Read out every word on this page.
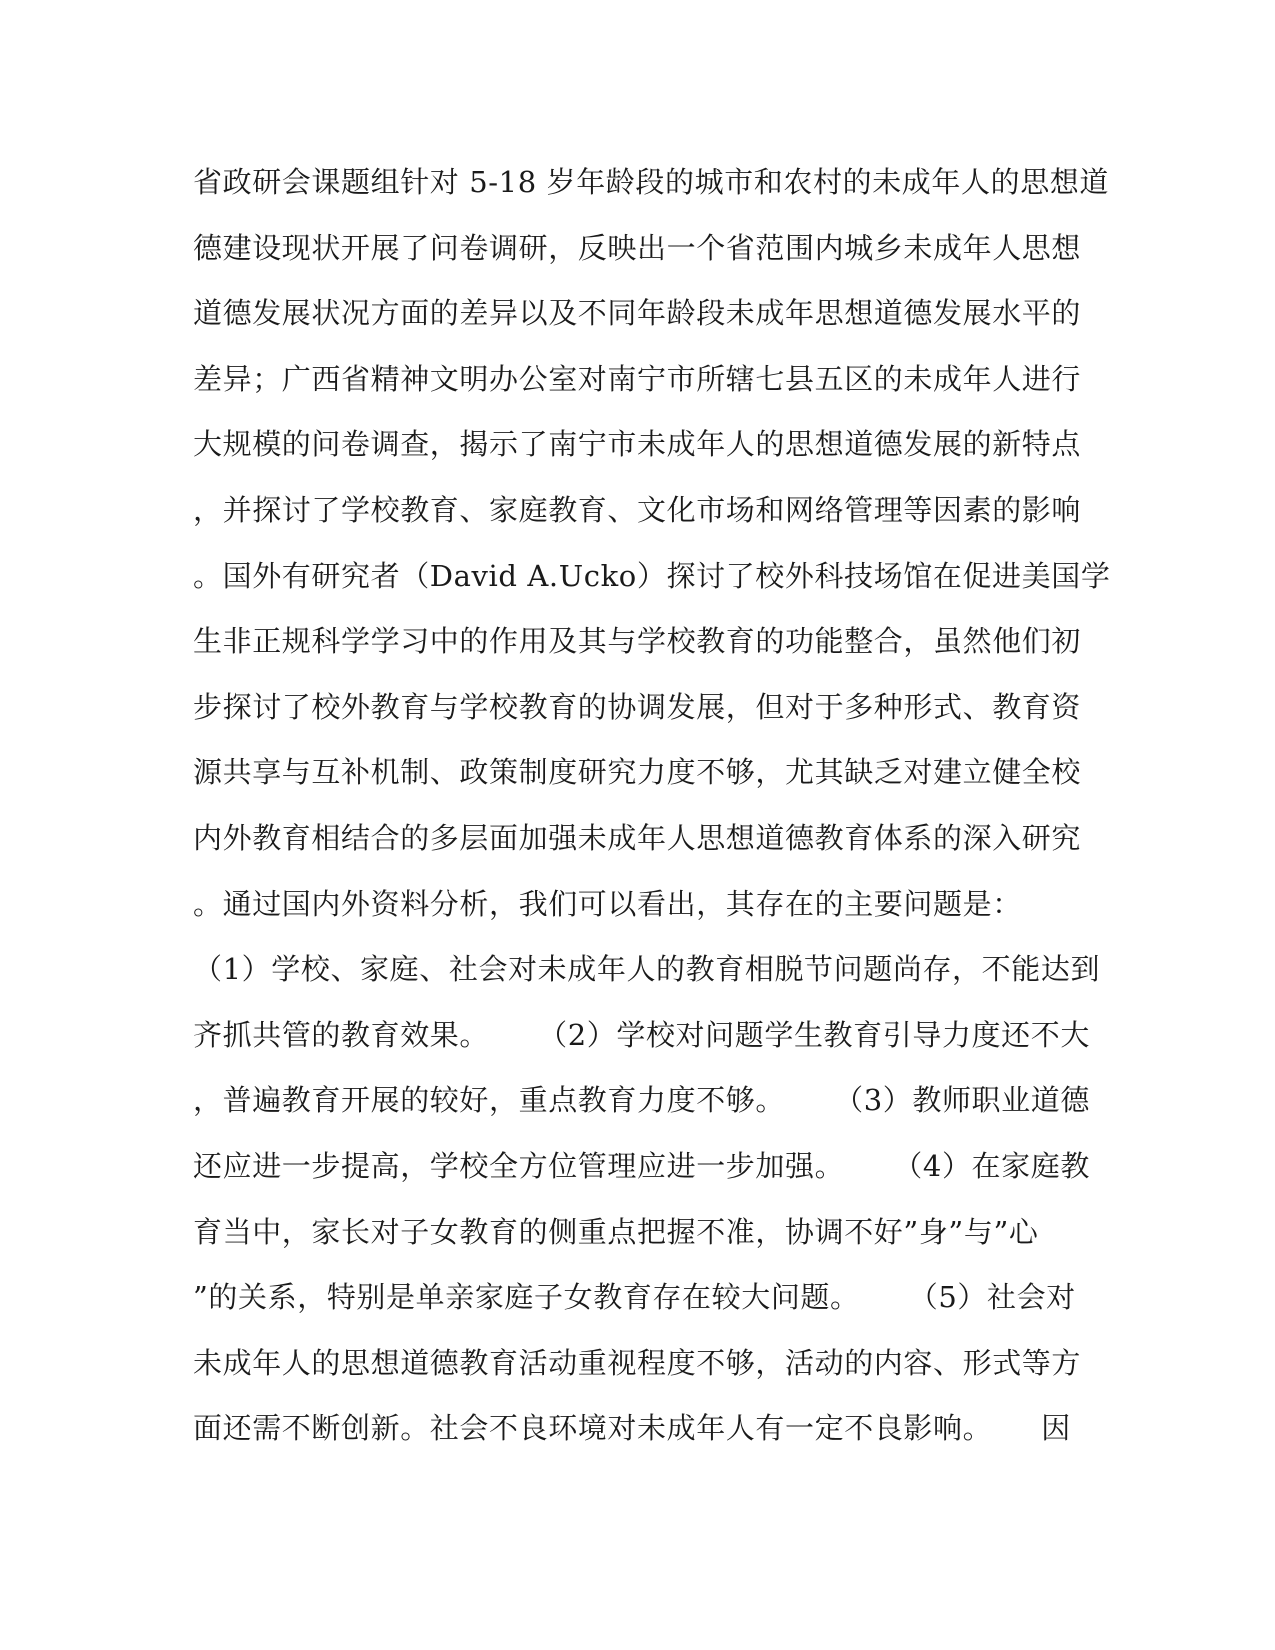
省政研会课题组针对 5-18 岁年龄段的城市和农村的未成年人的思想道
德建设现状开展了问卷调研，反映出一个省范围内城乡未成年人思想
道德发展状况方面的差异以及不同年龄段未成年思想道德发展水平的
差异；广西省精神文明办公室对南宁市所辖七县五区的未成年人进行
大规模的问卷调查，揭示了南宁市未成年人的思想道德发展的新特点
，并探讨了学校教育、家庭教育、文化市场和网络管理等因素的影响
。国外有研究者（David A.Ucko）探讨了校外科技场馆在促进美国学
生非正规科学学习中的作用及其与学校教育的功能整合，虽然他们初
步探讨了校外教育与学校教育的协调发展，但对于多种形式、教育资
源共享与互补机制、政策制度研究力度不够，尤其缺乏对建立健全校
内外教育相结合的多层面加强未成年人思想道德教育体系的深入研究
。通过国内外资料分析，我们可以看出，其存在的主要问题是：
（1）学校、家庭、社会对未成年人的教育相脱节问题尚存，不能达到
齐抓共管的教育效果。     （2）学校对问题学生教育引导力度还不大
，普遍教育开展的较好，重点教育力度不够。     （3）教师职业道德
还应进一步提高，学校全方位管理应进一步加强。     （4）在家庭教
育当中，家长对子女教育的侧重点把握不准，协调不好”身”与”心
”的关系，特别是单亲家庭子女教育存在较大问题。     （5）社会对
未成年人的思想道德教育活动重视程度不够，活动的内容、形式等方
面还需不断创新。社会不良环境对未成年人有一定不良影响。     因
